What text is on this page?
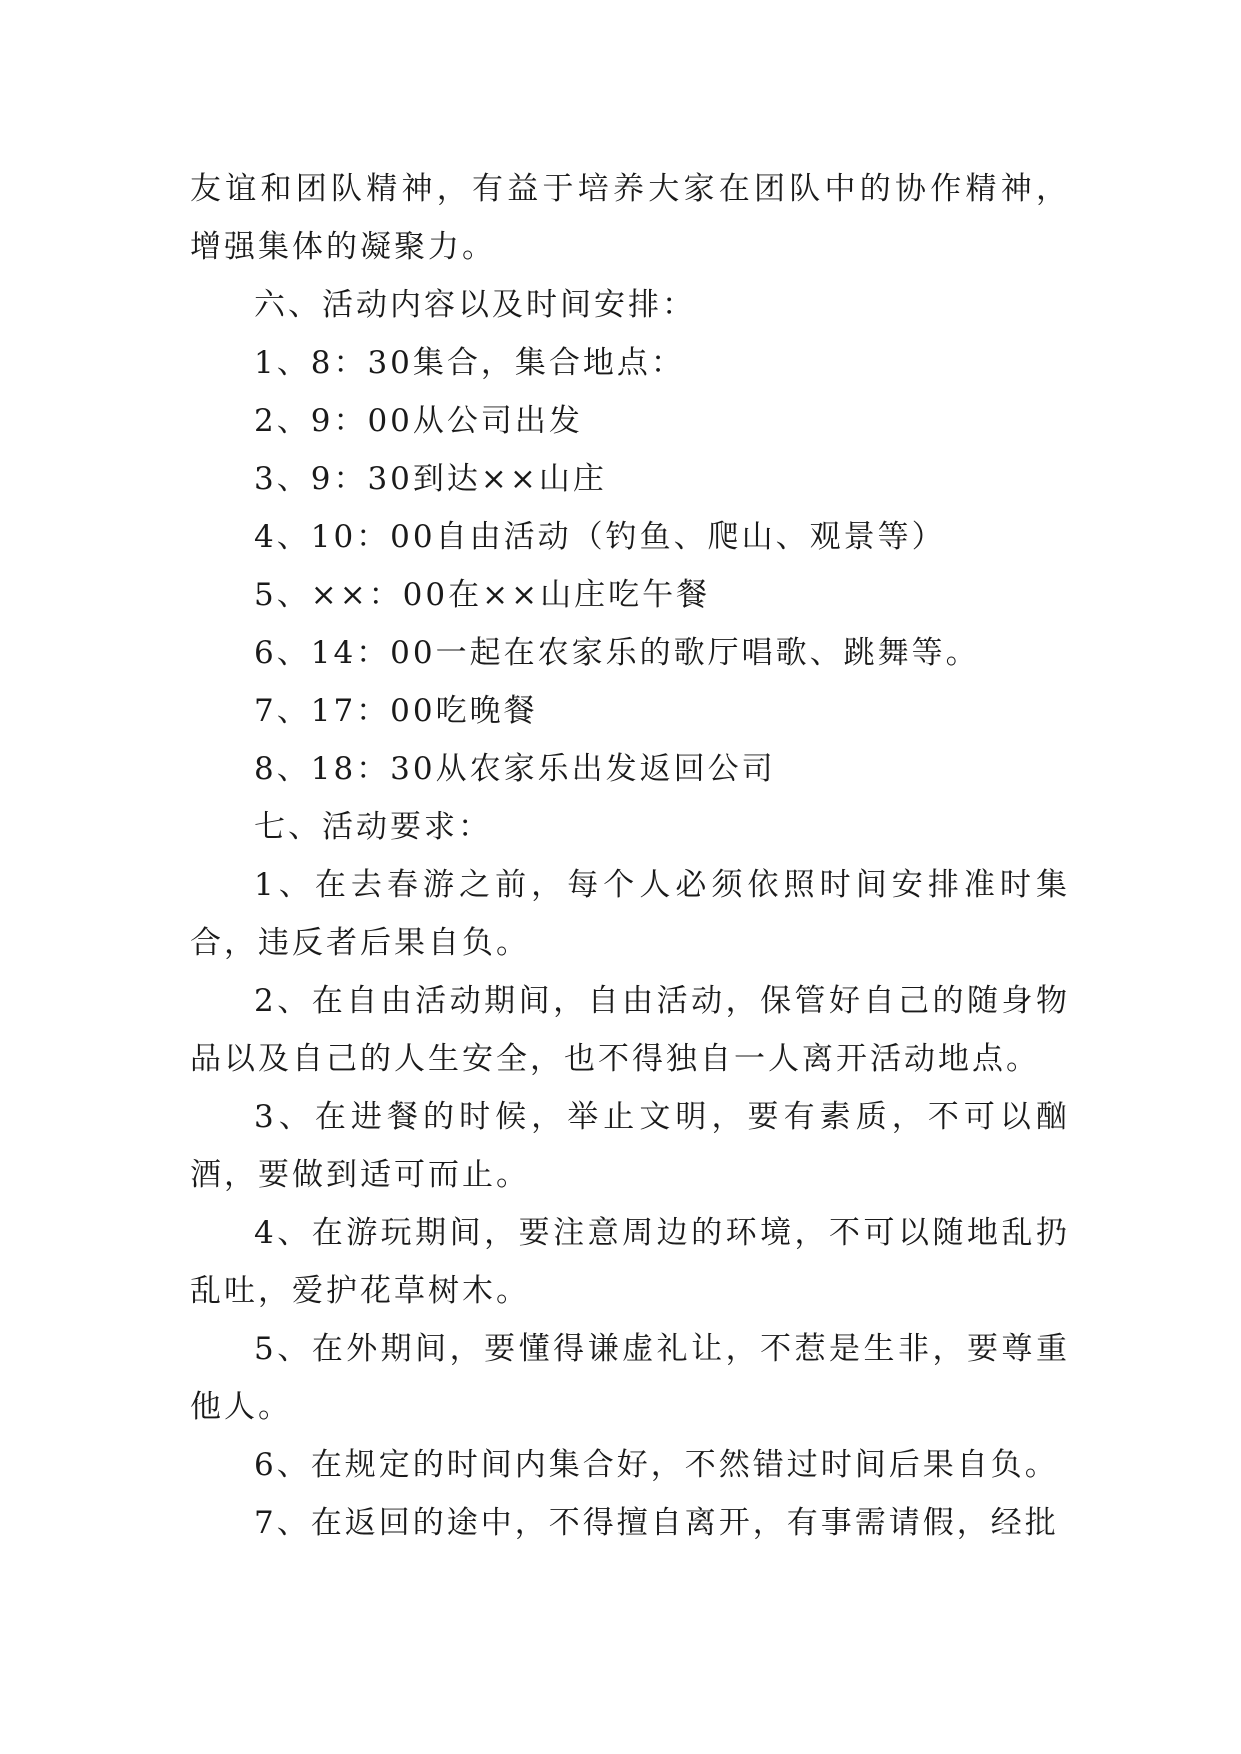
友谊和团队精神，有益于培养大家在团队中的协作精神，增强集体的凝聚力。

六、活动内容以及时间安排：

1、8：30集合，集合地点：

2、9：00从公司出发

3、9：30到达××山庄

4、10：00自由活动（钓鱼、爬山、观景等）

5、××：00在××山庄吃午餐

6、14：00一起在农家乐的歌厅唱歌、跳舞等。

7、17：00吃晚餐

8、18：30从农家乐出发返回公司

七、活动要求：

1、在去春游之前，每个人必须依照时间安排准时集合，违反者后果自负。

2、在自由活动期间，自由活动，保管好自己的随身物品以及自己的人生安全，也不得独自一人离开活动地点。

3、在进餐的时候，举止文明，要有素质，不可以酗酒，要做到适可而止。

4、在游玩期间，要注意周边的环境，不可以随地乱扔乱吐，爱护花草树木。

5、在外期间，要懂得谦虚礼让，不惹是生非，要尊重他人。

6、在规定的时间内集合好，不然错过时间后果自负。

7、在返回的途中，不得擅自离开，有事需请假，经批
